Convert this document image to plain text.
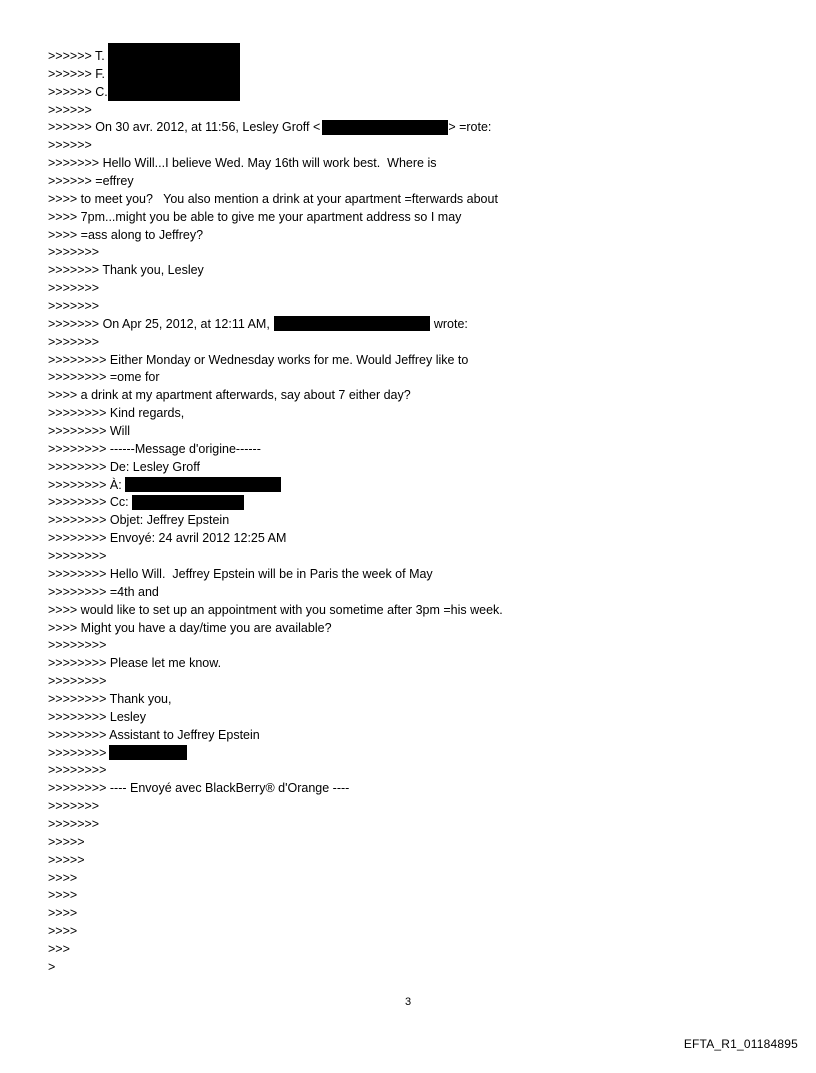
>>>>>> T.
>>>>>> F.
>>>>>> C.
>>>>>>
>>>>>> On 30 avr. 2012, at 11:56, Lesley Groff <	> =rote:
>>>>>>
>>>>>>> Hello Will...I believe Wed. May 16th will work best.  Where is
>>>>>> =effrey
>>>> to meet you?   You also mention a drink at your apartment =fterwards about
>>>> 7pm...might you be able to give me your apartment address so I may
>>>> =ass along to Jeffrey?
>>>>>>>
>>>>>>> Thank you, Lesley
>>>>>>>
>>>>>>>
>>>>>>> On Apr 25, 2012, at 12:11 AM,	wrote:
>>>>>>>
>>>>>>>> Either Monday or Wednesday works for me. Would Jeffrey like to
>>>>>>>> =ome for
>>>> a drink at my apartment afterwards, say about 7 either day?
>>>>>>>> Kind regards,
>>>>>>>> Will
>>>>>>>> ------Message d'origine------
>>>>>>>> De: Lesley Groff
>>>>>>>> À:
>>>>>>>> Cc:
>>>>>>>> Objet: Jeffrey Epstein
>>>>>>>> Envoyé: 24 avril 2012 12:25 AM
>>>>>>>>
>>>>>>>> Hello Will.  Jeffrey Epstein will be in Paris the week of May
>>>>>>>> =4th and
>>>> would like to set up an appointment with you sometime after 3pm =his week.
>>>> Might you have a day/time you are available?
>>>>>>>>
>>>>>>>> Please let me know.
>>>>>>>>
>>>>>>>> Thank you,
>>>>>>>> Lesley
>>>>>>>> Assistant to Jeffrey Epstein
>>>>>>>>
>>>>>>>>
>>>>>>>> ---- Envoyé avec BlackBerry® d'Orange ----
>>>>>>>
>>>>>>>
>>>>>
>>>>>
>>>>
>>>>
>>>>
>>>>
>>>
>
3
EFTA_R1_01184895
